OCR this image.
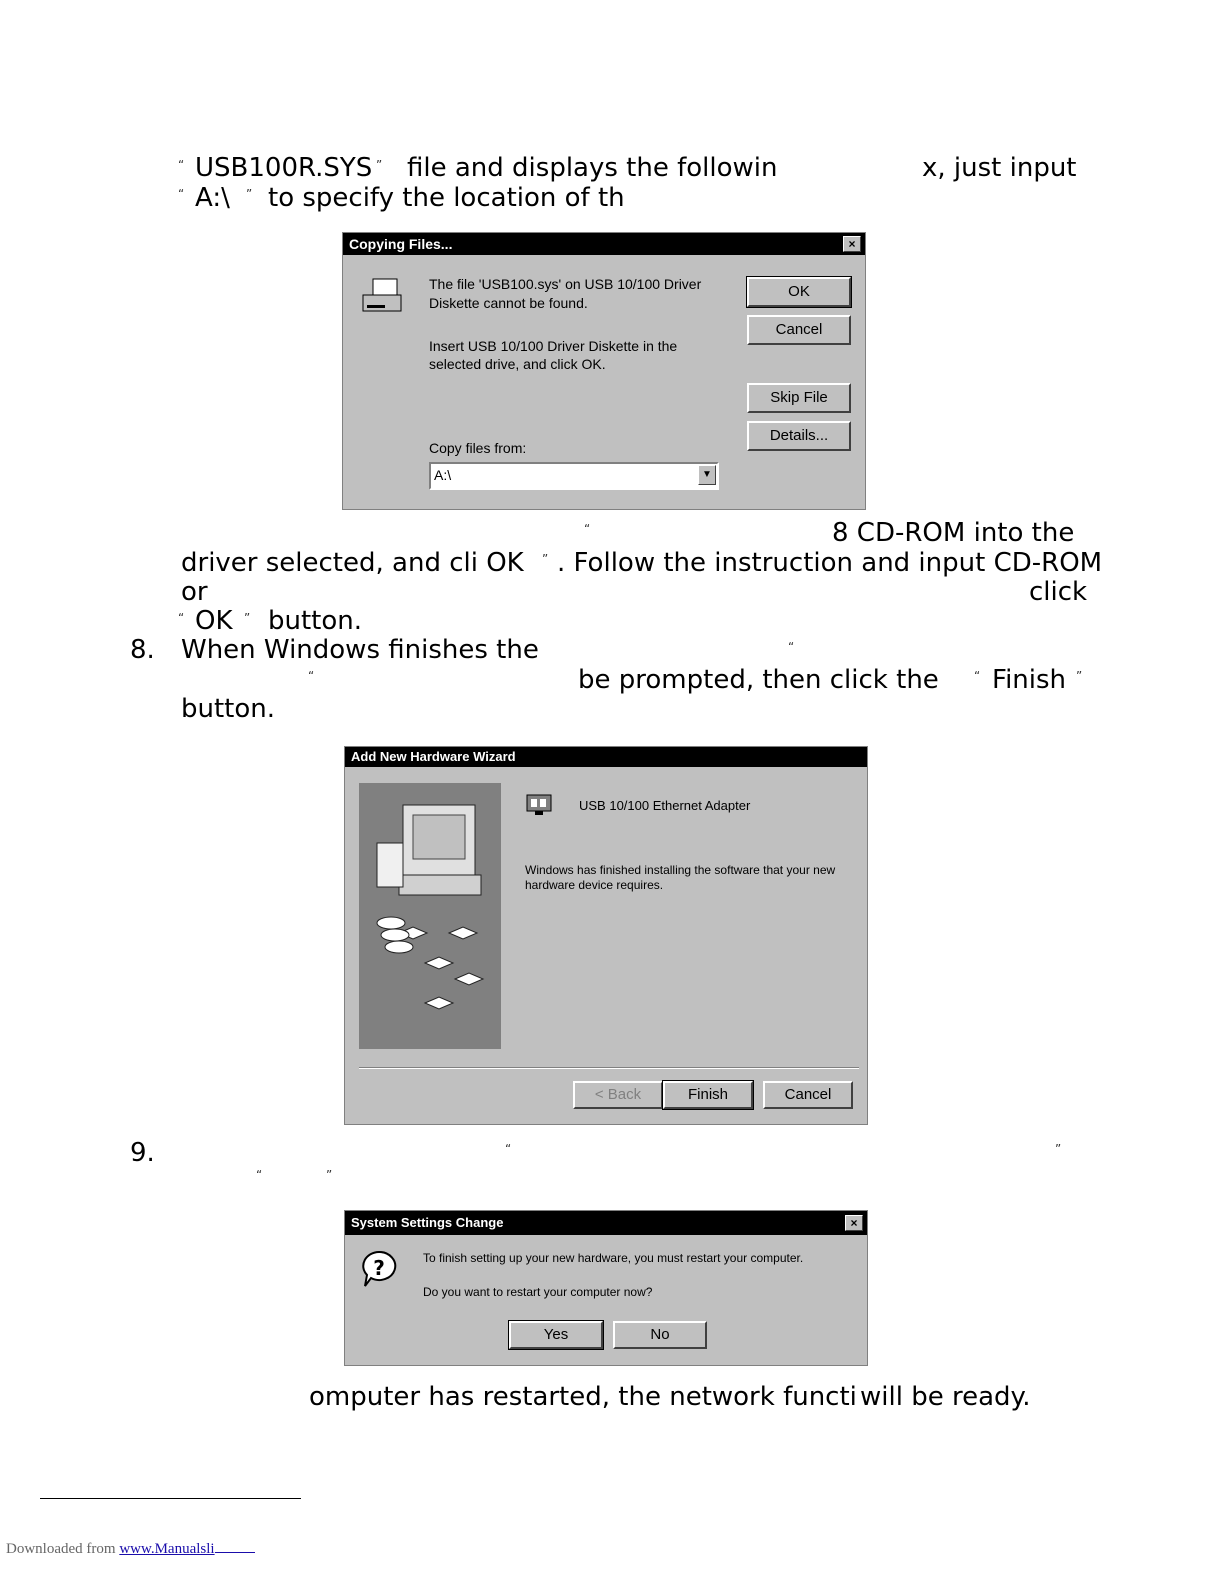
“ USB100R.SYS ” file and displays the followin	x, just input
“ A:\ ” to specify the location of th
Copying Files...	×
The file 'USB100.sys' on USB 10/100 Driver
Diskette cannot be found.
Insert USB 10/100 Driver Diskette in the
selected drive, and click OK.
OK
Cancel
Skip File
Details...
Copy files from:
A:\	▼
“	8 CD-ROM into the
driver selected, and cli OK ” . Follow the instruction and input CD-ROM
or	click
“ OK ” button.
8. When Windows finishes the	“
“	be prompted, then click the	“ Finish ”
button.
Add New Hardware Wizard
USB 10/100 Ethernet Adapter
Windows has finished installing the software that your new
hardware device requires.
< Back	Finish	Cancel
9.	“	”
“	”
System Settings Change	×
?	To finish setting up your new hardware, you must restart your computer.
Do you want to restart your computer now?
Yes	No
omputer has restarted, the network functi will be ready.
Downloaded from www.Manualsli
